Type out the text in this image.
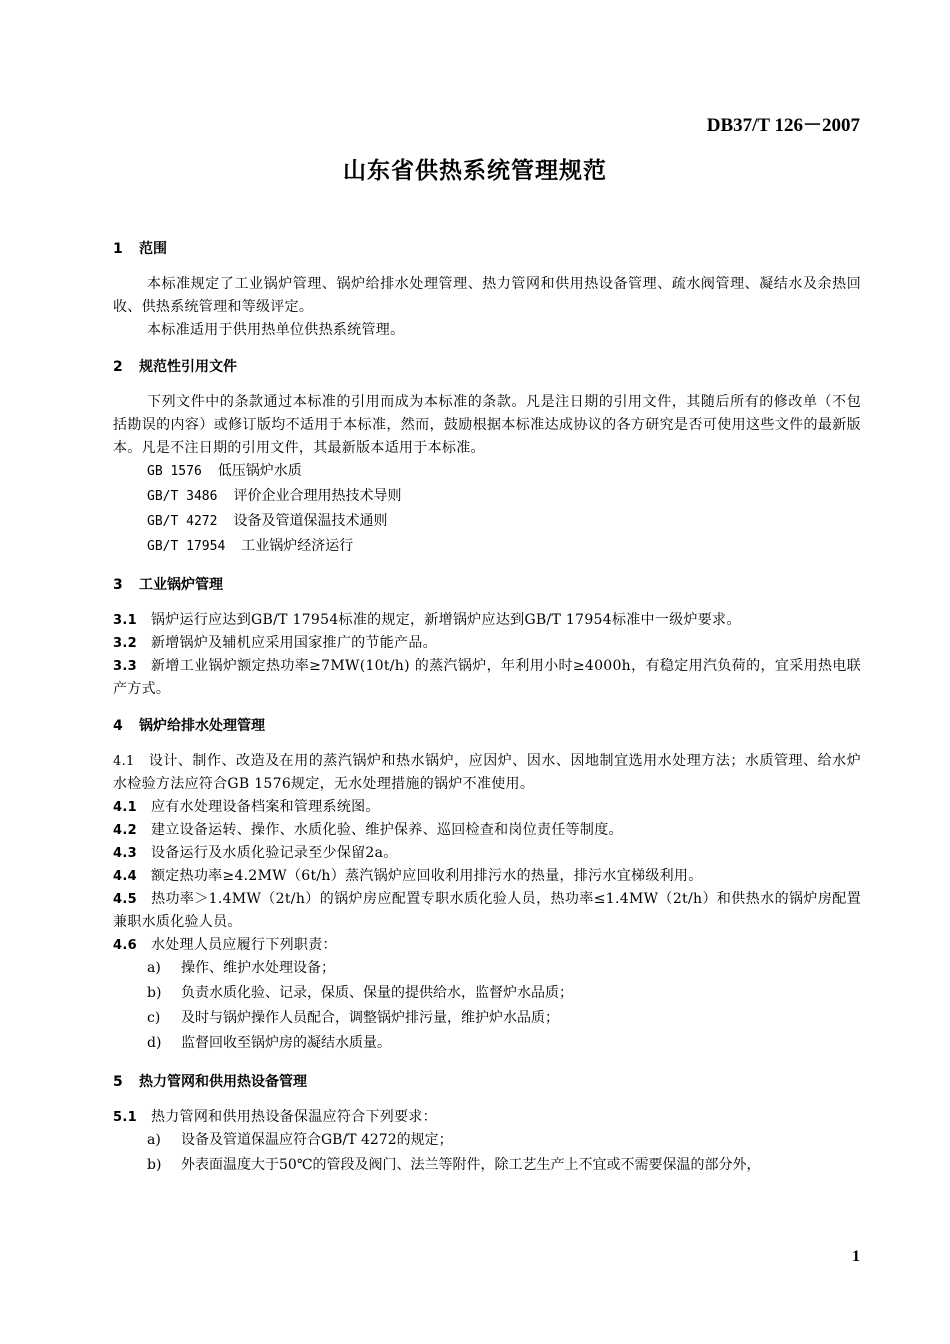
DB37/T 126－2007
山东省供热系统管理规范
1 范围
本标准规定了工业锅炉管理、锅炉给排水处理管理、热力管网和供用热设备管理、疏水阀管理、凝结水及余热回收、供热系统管理和等级评定。
本标准适用于供用热单位供热系统管理。
2 规范性引用文件
下列文件中的条款通过本标准的引用而成为本标准的条款。凡是注日期的引用文件，其随后所有的修改单（不包括勘误的内容）或修订版均不适用于本标准，然而，鼓励根据本标准达成协议的各方研究是否可使用这些文件的最新版本。凡是不注日期的引用文件，其最新版本适用于本标准。
GB 1576 低压锅炉水质
GB/T 3486 评价企业合理用热技术导则
GB/T 4272 设备及管道保温技术通则
GB/T 17954 工业锅炉经济运行
3 工业锅炉管理
3.1 锅炉运行应达到GB/T 17954标准的规定，新增锅炉应达到GB/T 17954标准中一级炉要求。
3.2 新增锅炉及辅机应采用国家推广的节能产品。
3.3 新增工业锅炉额定热功率≥7MW(10t/h) 的蒸汽锅炉，年利用小时≥4000h，有稳定用汽负荷的，宜采用热电联产方式。
4 锅炉给排水处理管理
4.1 设计、制作、改造及在用的蒸汽锅炉和热水锅炉，应因炉、因水、因地制宜选用水处理方法；水质管理、给水炉水检验方法应符合GB 1576规定，无水处理措施的锅炉不准使用。
4.1 应有水处理设备档案和管理系统图。
4.2 建立设备运转、操作、水质化验、维护保养、巡回检查和岗位责任等制度。
4.3 设备运行及水质化验记录至少保留2a。
4.4 额定热功率≥4.2MW（6t/h）蒸汽锅炉应回收利用排污水的热量，排污水宜梯级利用。
4.5 热功率＞1.4MW（2t/h）的锅炉房应配置专职水质化验人员，热功率≤1.4MW（2t/h）和供热水的锅炉房配置兼职水质化验人员。
4.6 水处理人员应履行下列职责：
a) 操作、维护水处理设备；
b) 负责水质化验、记录，保质、保量的提供给水，监督炉水品质；
c) 及时与锅炉操作人员配合，调整锅炉排污量，维护炉水品质；
d) 监督回收至锅炉房的凝结水质量。
5 热力管网和供用热设备管理
5.1 热力管网和供用热设备保温应符合下列要求：
a) 设备及管道保温应符合GB/T 4272的规定；
b) 外表面温度大于50℃的管段及阀门、法兰等附件，除工艺生产上不宜或不需要保温的部分外，
1
